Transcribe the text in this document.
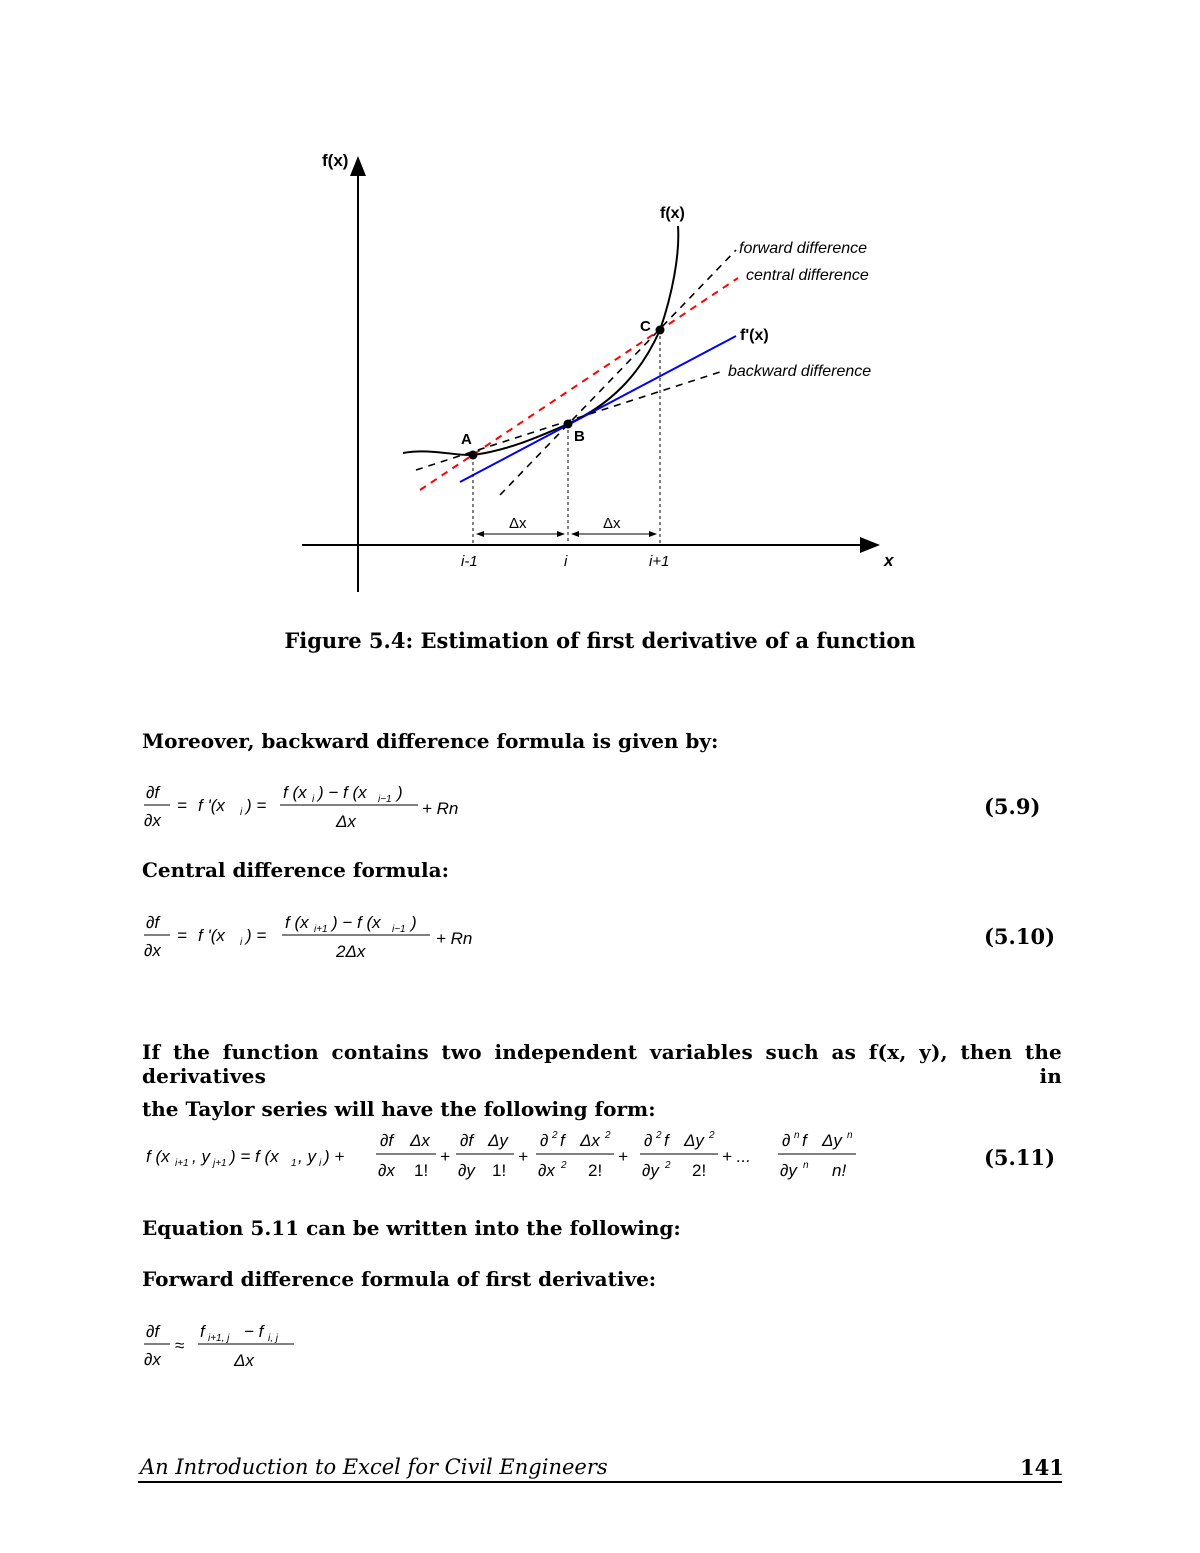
f(x)
x
Δx	Δx
A	B
C
f(x)
forward difference
central difference
f'(x)
backward difference
i-1	i	i+1
Figure 5.4: Estimation of first derivative of a function
Moreover, backward difference formula is given by:
∂f
∂x
= f '(x i ) =
f (x i ) − f (x i−1 )
Δx
+ Rn	(5.9)
Central difference formula:
∂f
∂x
= f '(x i ) =
f (x i+1 ) − f (x i−1 )
2Δx
+ Rn	(5.10)
If the function contains two independent variables such as f(x, y), then the derivatives in
the Taylor series will have the following form:
f (x i+1 , y j+1 ) = f (x 1 , y i ) +
∂f Δx
∂x 1!
+
∂f Δy
∂y 1!
+
∂ 2 f Δx 2
∂x 2 2!
+
∂ 2 f Δy 2
∂y 2 2!
+ ...
∂ n f Δy n
∂y n n!
(5.11)
Equation 5.11 can be written into the following:
Forward difference formula of first derivative:
∂f
∂x
≈
f i+1, j − f i, j
Δx
An Introduction to Excel for Civil Engineers	141
